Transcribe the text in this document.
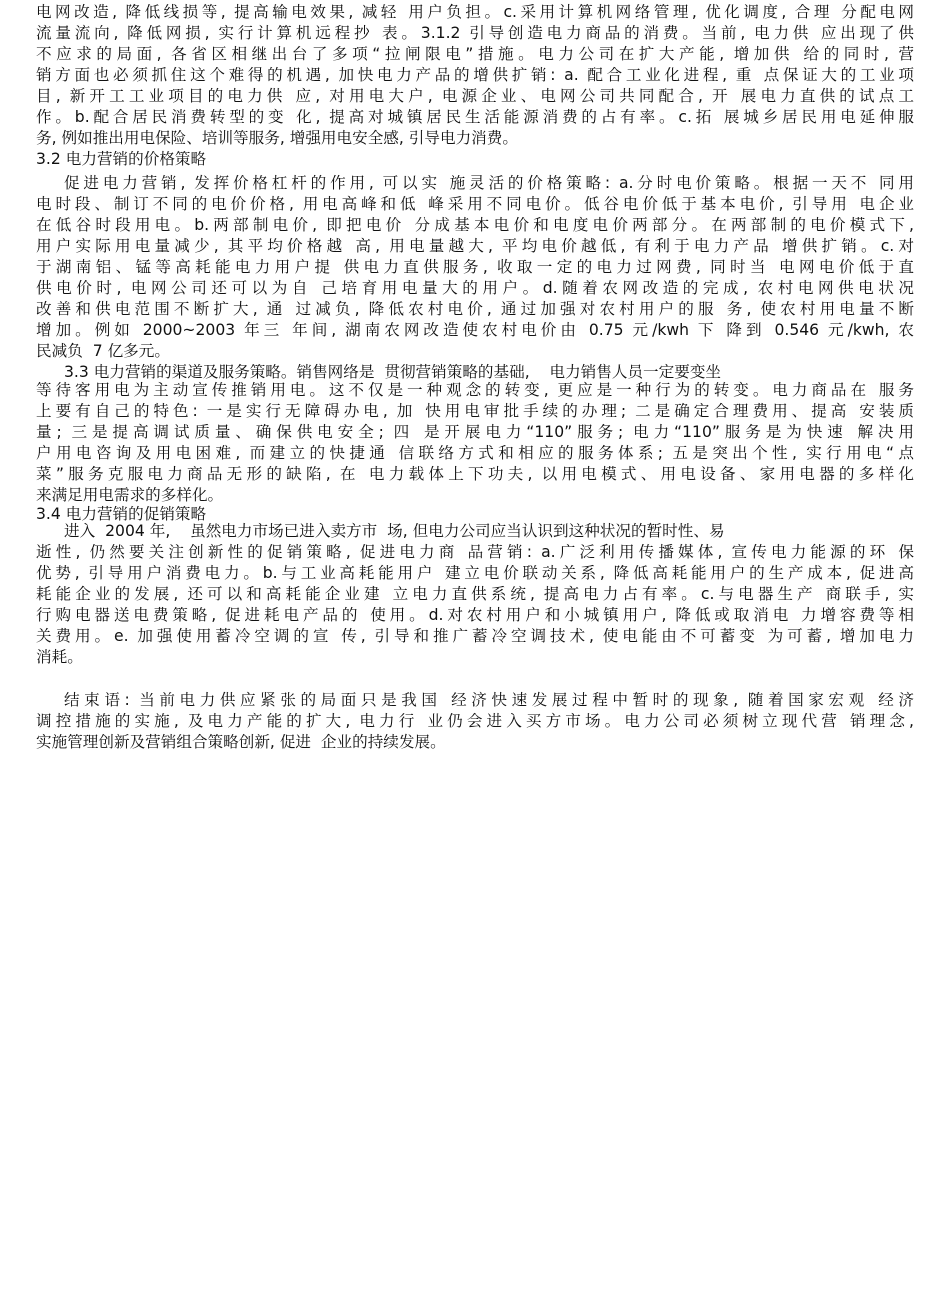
电网改造, 降低线损等, 提高输电效果, 减轻 用户负担。c.采用计算机网络管理, 优化调度, 合理 分配电网
流量流向, 降低网损, 实行计算机远程抄 表。3.1.2 引导创造电力商品的消费。当前, 电力供 应出现了供
不应求的局面, 各省区相继出台了多项“拉闸限电”措施。电力公司在扩大产能, 增加供 给的同时, 营
销方面也必须抓住这个难得的机遇, 加快电力产品的增供扩销: a. 配合工业化进程, 重 点保证大的工业项
目, 新开工工业项目的电力供 应, 对用电大户, 电源企业、电网公司共同配合, 开 展电力直供的试点工
作。b.配合居民消费转型的变 化, 提高对城镇居民生活能源消费的占有率。c.拓 展城乡居民用电延伸服
务, 例如推出用电保险、培训等服务, 增强用电安全感, 引导电力消费。
3.2 电力营销的价格策略
促进电力营销, 发挥价格杠杆的作用, 可以实 施灵活的价格策略: a.分时电价策略。根据一天不 同用
电时段、制订不同的电价价格, 用电高峰和低 峰采用不同电价。低谷电价低于基本电价, 引导用 电企业
在低谷时段用电。b.两部制电价, 即把电价 分成基本电价和电度电价两部分。在两部制的电价模式下,
用户实际用电量减少, 其平均价格越 高, 用电量越大, 平均电价越低, 有利于电力产品 增供扩销。c.对
于湖南铝、锰等高耗能电力用户提 供电力直供服务, 收取一定的电力过网费, 同时当 电网电价低于直
供电价时, 电网公司还可以为自 己培育用电量大的用户。d.随着农网改造的完成, 农村电网供电状况
改善和供电范围不断扩大, 通 过减负, 降低农村电价, 通过加强对农村用户的服 务, 使农村用电量不断
增加。例如 2000~2003 年三 年间, 湖南农网改造使农村电价由 0.75 元/kwh 下 降到 0.546 元/kwh, 农
民减负  7 亿多元。
3.3 电力营销的渠道及服务策略。销售网络是  贯彻营销策略的基础,    电力销售人员一定要变坐
等待客用电为主动宣传推销用电。这不仅是一种观念的转变, 更应是一种行为的转变。电力商品在 服务
上要有自己的特色: 一是实行无障碍办电, 加 快用电审批手续的办理; 二是确定合理费用、提高 安装质
量; 三是提高调试质量、确保供电安全; 四 是开展电力“110”服务; 电力“110”服务是为快速 解决用
户用电咨询及用电困难, 而建立的快捷通 信联络方式和相应的服务体系; 五是突出个性, 实行用电“点
菜”服务克服电力商品无形的缺陷, 在 电力载体上下功夫, 以用电模式、用电设备、家用电器的多样化
来满足用电需求的多样化。
3.4 电力营销的促销策略
进入  2004 年,    虽然电力市场已进入卖方市  场, 但电力公司应当认识到这种状况的暂时性、易
逝性, 仍然要关注创新性的促销策略, 促进电力商 品营销: a.广泛利用传播媒体, 宣传电力能源的环 保
优势, 引导用户消费电力。b.与工业高耗能用户 建立电价联动关系, 降低高耗能用户的生产成本, 促进高
耗能企业的发展, 还可以和高耗能企业建 立电力直供系统, 提高电力占有率。c.与电器生产 商联手, 实
行购电器送电费策略, 促进耗电产品的 使用。d.对农村用户和小城镇用户, 降低或取消电 力增容费等相
关费用。e. 加强使用蓄冷空调的宣 传, 引导和推广蓄冷空调技术, 使电能由不可蓄变 为可蓄, 增加电力
消耗。
结束语: 当前电力供应紧张的局面只是我国 经济快速发展过程中暂时的现象, 随着国家宏观 经济
调控措施的实施, 及电力产能的扩大, 电力行 业仍会进入买方市场。电力公司必须树立现代营 销理念,
实施管理创新及营销组合策略创新, 促进  企业的持续发展。
